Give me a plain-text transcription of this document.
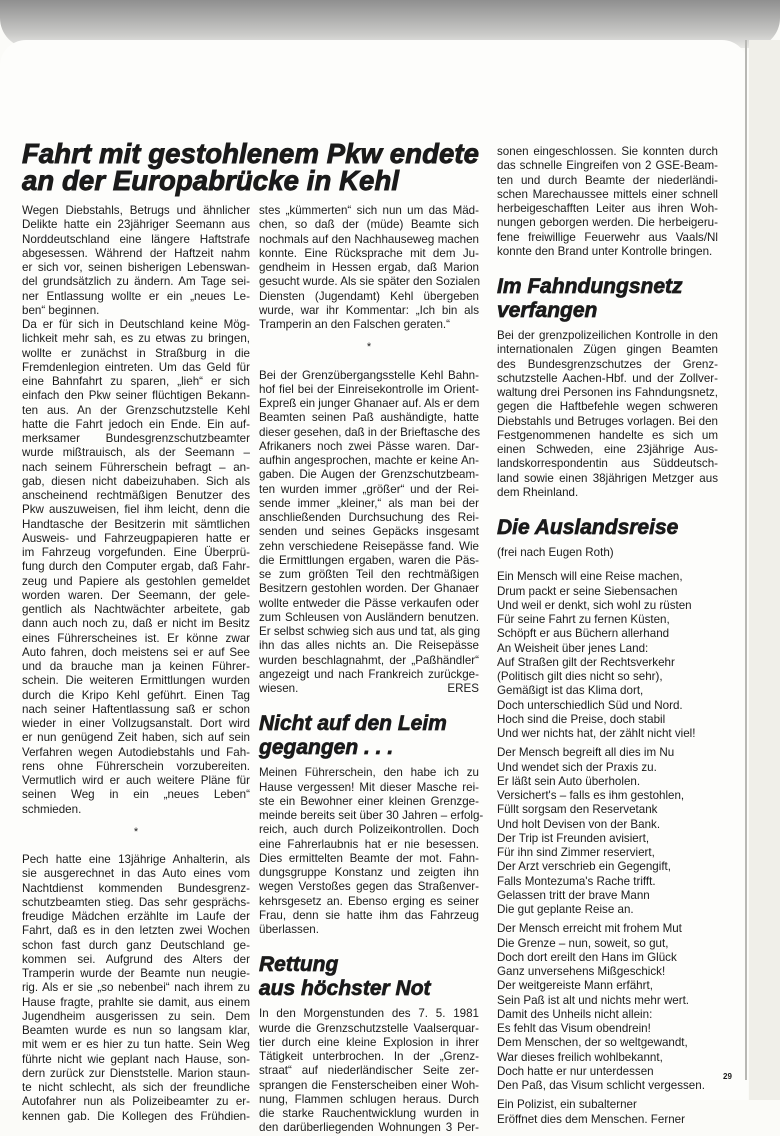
Fahrt mit gestohlenem Pkw endete
an der Europabrücke in Kehl
Wegen Diebstahls, Betrugs und ähnlicher
Delikte hatte ein 23jähriger Seemann aus
Norddeutschland eine längere Haftstrafe
abgesessen. Während der Haftzeit nahm
er sich vor, seinen bisherigen Lebenswan-
del grundsätzlich zu ändern. Am Tage sei-
ner Entlassung wollte er ein „neues Le-
ben“ beginnen.
Da er für sich in Deutschland keine Mög-
lichkeit mehr sah, es zu etwas zu bringen,
wollte er zunächst in Straßburg in die
Fremdenlegion eintreten. Um das Geld für
eine Bahnfahrt zu sparen, „lieh“ er sich
einfach den Pkw seiner flüchtigen Bekann-
ten aus. An der Grenzschutzstelle Kehl
hatte die Fahrt jedoch ein Ende. Ein auf-
merksamer Bundesgrenzschutzbeamter
wurde mißtrauisch, als der Seemann –
nach seinem Führerschein befragt – an-
gab, diesen nicht dabeizuhaben. Sich als
anscheinend rechtmäßigen Benutzer des
Pkw auszuweisen, fiel ihm leicht, denn die
Handtasche der Besitzerin mit sämtlichen
Ausweis- und Fahrzeugpapieren hatte er
im Fahrzeug vorgefunden. Eine Überprü-
fung durch den Computer ergab, daß Fahr-
zeug und Papiere als gestohlen gemeldet
worden waren. Der Seemann, der gele-
gentlich als Nachtwächter arbeitete, gab
dann auch noch zu, daß er nicht im Besitz
eines Führerscheines ist. Er könne zwar
Auto fahren, doch meistens sei er auf See
und da brauche man ja keinen Führer-
schein. Die weiteren Ermittlungen wurden
durch die Kripo Kehl geführt. Einen Tag
nach seiner Haftentlassung saß er schon
wieder in einer Vollzugsanstalt. Dort wird
er nun genügend Zeit haben, sich auf sein
Verfahren wegen Autodiebstahls und Fah-
rens ohne Führerschein vorzubereiten.
Vermutlich wird er auch weitere Pläne für
seinen Weg in ein „neues Leben“
schmieden.
*
Pech hatte eine 13jährige Anhalterin, als
sie ausgerechnet in das Auto eines vom
Nachtdienst kommenden Bundesgrenz-
schutzbeamten stieg. Das sehr gesprächs-
freudige Mädchen erzählte im Laufe der
Fahrt, daß es in den letzten zwei Wochen
schon fast durch ganz Deutschland ge-
kommen sei. Aufgrund des Alters der
Tramperin wurde der Beamte nun neugie-
rig. Als er sie „so nebenbei“ nach ihrem zu
Hause fragte, prahlte sie damit, aus einem
Jugendheim ausgerissen zu sein. Dem
Beamten wurde es nun so langsam klar,
mit wem er es hier zu tun hatte. Sein Weg
führte nicht wie geplant nach Hause, son-
dern zurück zur Dienststelle. Marion staun-
te nicht schlecht, als sich der freundliche
Autofahrer nun als Polizeibeamter zu er-
kennen gab. Die Kollegen des Frühdien-
stes „kümmerten“ sich nun um das Mäd-
chen, so daß der (müde) Beamte sich
nochmals auf den Nachhauseweg machen
konnte. Eine Rücksprache mit dem Ju-
gendheim in Hessen ergab, daß Marion
gesucht wurde. Als sie später den Sozialen
Diensten (Jugendamt) Kehl übergeben
wurde, war ihr Kommentar: „Ich bin als
Tramperin an den Falschen geraten.“
*
Bei der Grenzübergangsstelle Kehl Bahn-
hof fiel bei der Einreisekontrolle im Orient-
Expreß ein junger Ghanaer auf. Als er dem
Beamten seinen Paß aushändigte, hatte
dieser gesehen, daß in der Brieftasche des
Afrikaners noch zwei Pässe waren. Dar-
aufhin angesprochen, machte er keine An-
gaben. Die Augen der Grenzschutzbeam-
ten wurden immer „größer“ und der Rei-
sende immer „kleiner,“ als man bei der
anschließenden Durchsuchung des Rei-
senden und seines Gepäcks insgesamt
zehn verschiedene Reisepässe fand. Wie
die Ermittlungen ergaben, waren die Päs-
se zum größten Teil den rechtmäßigen
Besitzern gestohlen worden. Der Ghanaer
wollte entweder die Pässe verkaufen oder
zum Schleusen von Ausländern benutzen.
Er selbst schwieg sich aus und tat, als ging
ihn das alles nichts an. Die Reisepässe
wurden beschlagnahmt, der „Paßhändler“
angezeigt und nach Frankreich zurückge-
wiesen.	ERES
Nicht auf den Leim
gegangen . . .
Meinen Führerschein, den habe ich zu
Hause vergessen! Mit dieser Masche rei-
ste ein Bewohner einer kleinen Grenzge-
meinde bereits seit über 30 Jahren – erfolg-
reich, auch durch Polizeikontrollen. Doch
eine Fahrerlaubnis hat er nie besessen.
Dies ermittelten Beamte der mot. Fahn-
dungsgruppe Konstanz und zeigten ihn
wegen Verstoßes gegen das Straßenver-
kehrsgesetz an. Ebenso erging es seiner
Frau, denn sie hatte ihm das Fahrzeug
überlassen.
Rettung
aus höchster Not
In den Morgenstunden des 7. 5. 1981
wurde die Grenzschutzstelle Vaalserquar-
tier durch eine kleine Explosion in ihrer
Tätigkeit unterbrochen. In der „Grenz-
straat“ auf niederländischer Seite zer-
sprangen die Fensterscheiben einer Woh-
nung, Flammen schlugen heraus. Durch
die starke Rauchentwicklung wurden in
den darüberliegenden Wohnungen 3 Per-
sonen eingeschlossen. Sie konnten durch
das schnelle Eingreifen von 2 GSE-Beam-
ten und durch Beamte der niederländi-
schen Marechaussee mittels einer schnell
herbeigeschafften Leiter aus ihren Woh-
nungen geborgen werden. Die herbeigeru-
fene freiwillige Feuerwehr aus Vaals/Nl
konnte den Brand unter Kontrolle bringen.
Im Fahndungsnetz
verfangen
Bei der grenzpolizeilichen Kontrolle in den
internationalen Zügen gingen Beamten
des Bundesgrenzschutzes der Grenz-
schutzstelle Aachen-Hbf. und der Zollver-
waltung drei Personen ins Fahndungsnetz,
gegen die Haftbefehle wegen schweren
Diebstahls und Betruges vorlagen. Bei den
Festgenommenen handelte es sich um
einen Schweden, eine 23jährige Aus-
landskorrespondentin aus Süddeutsch-
land sowie einen 38jährigen Metzger aus
dem Rheinland.
Die Auslandsreise
(frei nach Eugen Roth)
Ein Mensch will eine Reise machen,
Drum packt er seine Siebensachen
Und weil er denkt, sich wohl zu rüsten
Für seine Fahrt zu fernen Küsten,
Schöpft er aus Büchern allerhand
An Weisheit über jenes Land:
Auf Straßen gilt der Rechtsverkehr
(Politisch gilt dies nicht so sehr),
Gemäßigt ist das Klima dort,
Doch unterschiedlich Süd und Nord.
Hoch sind die Preise, doch stabil
Und wer nichts hat, der zählt nicht viel!
Der Mensch begreift all dies im Nu
Und wendet sich der Praxis zu.
Er läßt sein Auto überholen.
Versichert's – falls es ihm gestohlen,
Füllt sorgsam den Reservetank
Und holt Devisen von der Bank.
Der Trip ist Freunden avisiert,
Für ihn sind Zimmer reserviert,
Der Arzt verschrieb ein Gegengift,
Falls Montezuma's Rache trifft.
Gelassen tritt der brave Mann
Die gut geplante Reise an.
Der Mensch erreicht mit frohem Mut
Die Grenze – nun, soweit, so gut,
Doch dort ereilt den Hans im Glück
Ganz unversehens Mißgeschick!
Der weitgereiste Mann erfährt,
Sein Paß ist alt und nichts mehr wert.
Damit des Unheils nicht allein:
Es fehlt das Visum obendrein!
Dem Menschen, der so weltgewandt,
War dieses freilich wohlbekannt,
Doch hatte er nur unterdessen
Den Paß, das Visum schlicht vergessen.
Ein Polizist, ein subalterner
Eröffnet dies dem Menschen. Ferner
29
